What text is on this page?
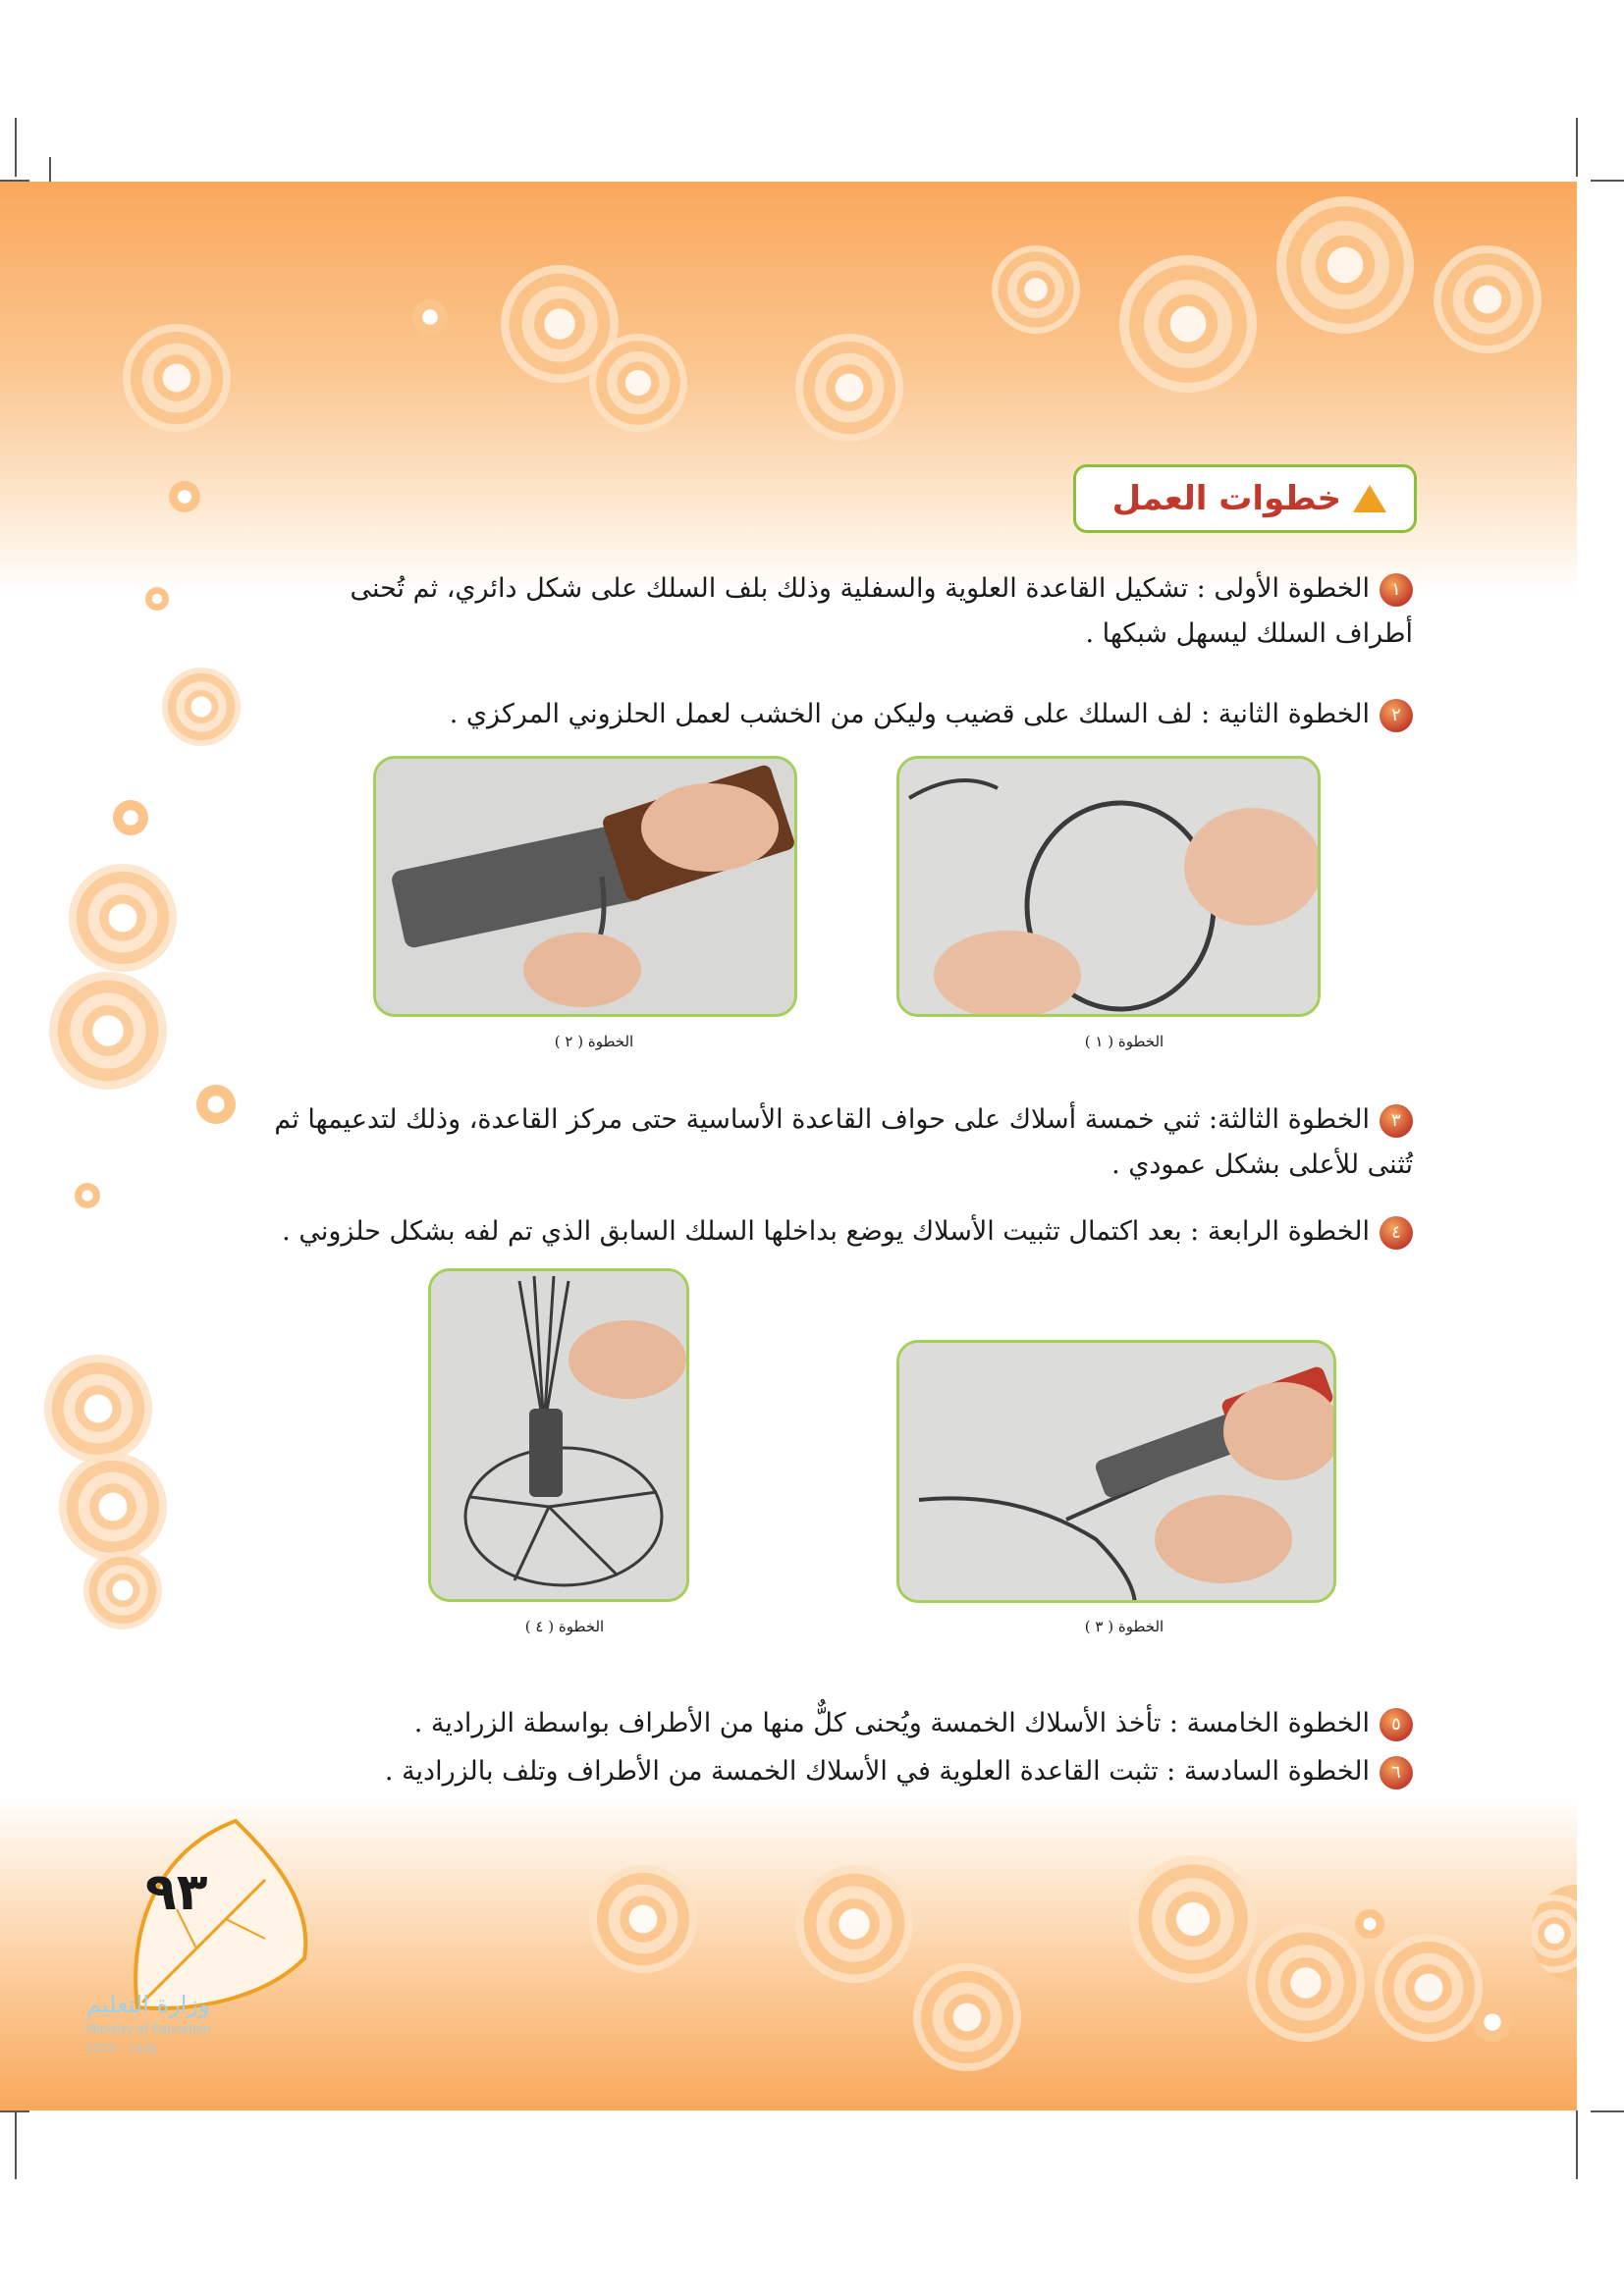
خطوات العمل
١الخطوة الأولى : تشكيل القاعدة العلوية والسفلية وذلك بلف السلك على شكل دائري، ثم تُحنى أطراف السلك ليسهل شبكها .
٢الخطوة الثانية : لف السلك على قضيب وليكن من الخشب لعمل الحلزوني المركزي .
الخطوة ( ٢ )	الخطوة ( ١ )
٣الخطوة الثالثة: ثني خمسة أسلاك على حواف القاعدة الأساسية حتى مركز القاعدة، وذلك لتدعيمها ثم تُثنى للأعلى بشكل عمودي .
٤الخطوة الرابعة : بعد اكتمال تثبيت الأسلاك يوضع بداخلها السلك السابق الذي تم لفه بشكل حلزوني .
الخطوة ( ٤ )	الخطوة ( ٣ )
٥الخطوة الخامسة : تأخذ الأسلاك الخمسة ويُحنى كلٌّ منها من الأطراف بواسطة الزرادية .
٦الخطوة السادسة : تثبت القاعدة العلوية في الأسلاك الخمسة من الأطراف وتلف بالزرادية .
٩٣
وزارة التعليم
Ministry of Education
2024 - 1446
